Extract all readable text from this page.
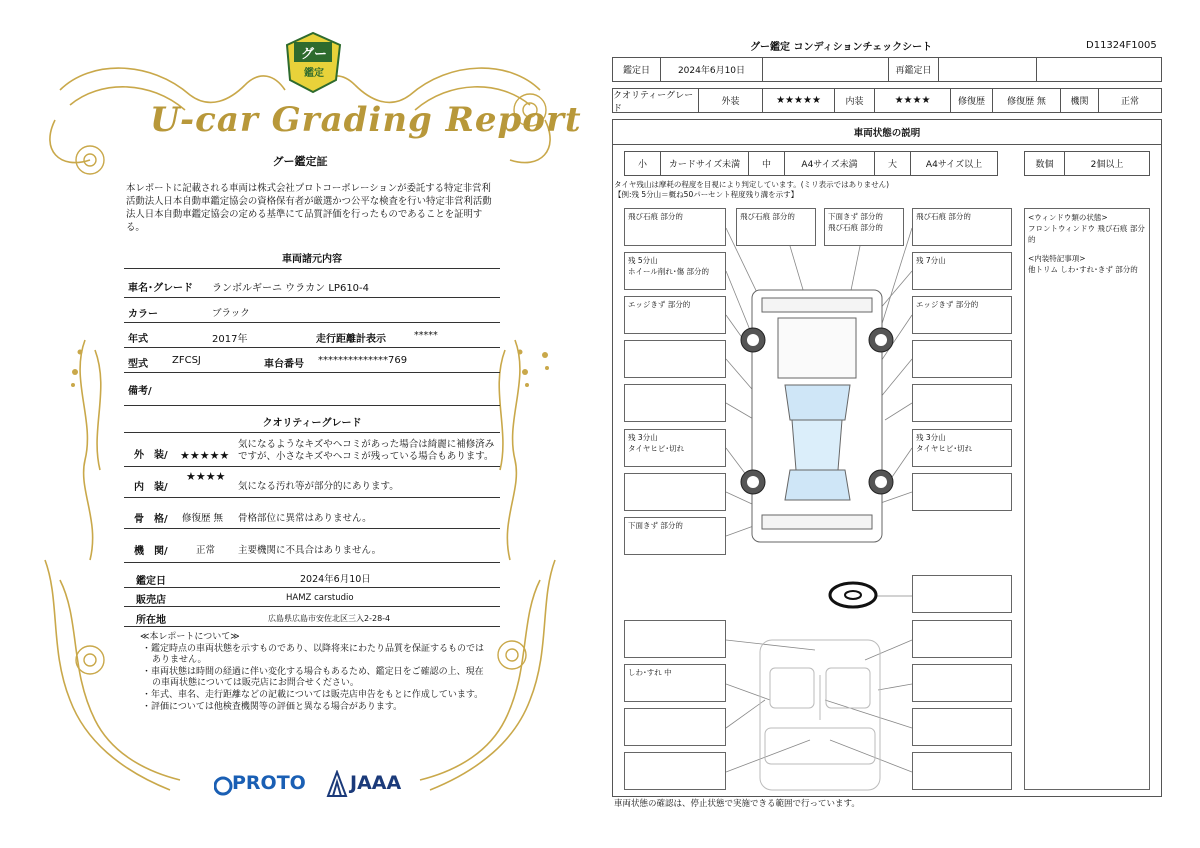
グー
鑑定
U-car Grading Report
グー鑑定証
本レポートに記載される車両は株式会社プロトコーポレーションが委託する特定非営利活動法人日本自動車鑑定協会の資格保有者が厳選かつ公平な検査を行い特定非営利活動法人日本自動車鑑定協会の定める基準にて品質評価を行ったものであることを証明する。
車両諸元内容
車名･グレード ランボルギーニ ウラカン LP610-4
カラー	ブラック
年式	2017年	走行距離計表示	*****
型式 ZFCSJ	車台番号 **************769
備考/
クオリティーグレード
外　装/ ★★★★★
気になるようなキズやヘコミがあった場合は綺麗に補修済みですが、小さなキズやヘコミが残っている場合もあります。
内　装/
★★★★
気になる汚れ等が部分的にあります。
骨　格/ 修復歴 無 骨格部位に異常はありません。
機　関/	正常 主要機関に不具合はありません。
鑑定日	2024年6月10日
販売店	HAMZ carstudio
所在地	広島県広島市安佐北区三入2-28-4
≪本レポートについて≫
・鑑定時点の車両状態を示すものであり、以降将来にわたり品質を保証するものではありません。
・車両状態は時間の経過に伴い変化する場合もあるため、鑑定日をご確認の上、現在の車両状態については販売店にお問合せください。
・年式、車名、走行距離などの記載については販売店申告をもとに作成しています。
・評価については他検査機関等の評価と異なる場合があります。
PROTO JAAA
グー鑑定 コンディションチェックシート	D11324F1005
鑑定日	2024年6月10日	再鑑定日
クオリティーグレード
外装	★★★★★	内装	★★★★	修復歴	修復歴 無	機関	正常
車両状態の説明
小	カードサイズ未満	中	A4サイズ未満	大	A4サイズ以上	数個	2個以上
タイヤ残山は摩耗の程度を目視により判定しています。(ミリ表示ではありません)
【例:残 5分山＝概ね50パーセント程度残り溝を示す】
飛び石痕 部分的
残 5分山
ホイール削れ･傷 部分的
エッジきず 部分的
残 3分山
タイヤヒビ･切れ
下面きず 部分的
飛び石痕 部分的	下面きず 部分的
飛び石痕 部分的
飛び石痕 部分的
残 7分山
エッジきず 部分的
残 3分山
タイヤヒビ･切れ
しわ･すれ 中
<ウィンドウ類の状態>
フロントウィンドウ 飛び石痕 部分的
<内装特記事項>
他トリム しわ･すれ･きず 部分的
車両状態の確認は、停止状態で実施できる範囲で行っています。
